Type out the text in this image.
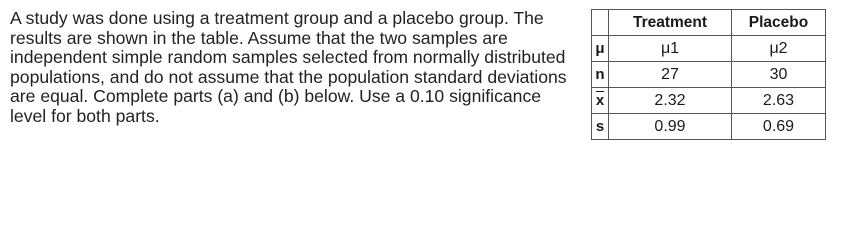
A study was done using a treatment group and a placebo group. The results are shown in the table. Assume that the two samples are independent simple random samples selected from normally distributed populations, and do not assume that the population standard deviations are equal. Complete parts (a) and (b) below. Use a 0.10 significance level for both parts.

	Treatment	Placebo
μ	μ1	μ2
n	27	30
$\overline{x}$	2.32	2.63
s	0.99	0.69
